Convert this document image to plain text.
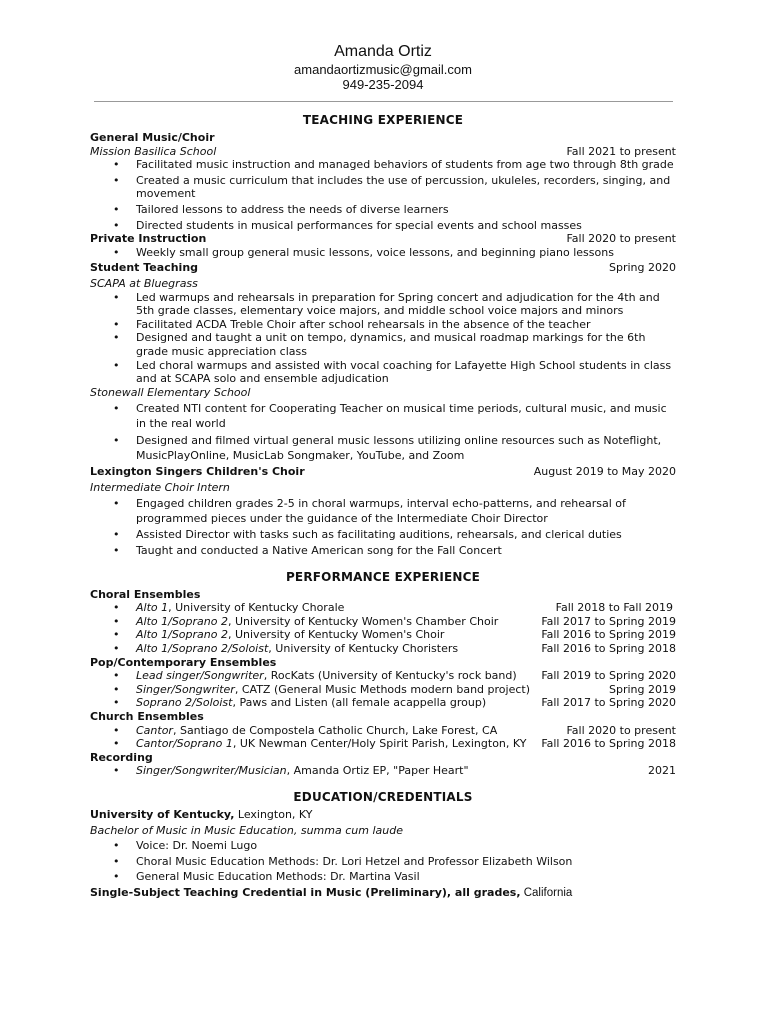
Amanda Ortiz
amandaortizmusic@gmail.com
949-235-2094
TEACHING EXPERIENCE
General Music/Choir
Mission Basilica School	Fall 2021 to present
• Facilitated music instruction and managed behaviors of students from age two through 8th grade
• Created a music curriculum that includes the use of percussion, ukuleles, recorders, singing, and movement
• Tailored lessons to address the needs of diverse learners
• Directed students in musical performances for special events and school masses
Private Instruction	Fall 2020 to present
• Weekly small group general music lessons, voice lessons, and beginning piano lessons
Student Teaching	Spring 2020
SCAPA at Bluegrass
• Led warmups and rehearsals in preparation for Spring concert and adjudication for the 4th and 5th grade classes, elementary voice majors, and middle school voice majors and minors
• Facilitated ACDA Treble Choir after school rehearsals in the absence of the teacher
• Designed and taught a unit on tempo, dynamics, and musical roadmap markings for the 6th grade music appreciation class
• Led choral warmups and assisted with vocal coaching for Lafayette High School students in class and at SCAPA solo and ensemble adjudication
Stonewall Elementary School
• Created NTI content for Cooperating Teacher on musical time periods, cultural music, and music in the real world
• Designed and filmed virtual general music lessons utilizing online resources such as Noteflight, MusicPlayOnline, MusicLab Songmaker, YouTube, and Zoom
Lexington Singers Children's Choir	August 2019 to May 2020
Intermediate Choir Intern
• Engaged children grades 2-5 in choral warmups, interval echo-patterns, and rehearsal of programmed pieces under the guidance of the Intermediate Choir Director
• Assisted Director with tasks such as facilitating auditions, rehearsals, and clerical duties
• Taught and conducted a Native American song for the Fall Concert
PERFORMANCE EXPERIENCE
Choral Ensembles
• Alto 1, University of Kentucky Chorale	Fall 2018 to Fall 2019
• Alto 1/Soprano 2, University of Kentucky Women's Chamber Choir	Fall 2017 to Spring 2019
• Alto 1/Soprano 2, University of Kentucky Women's Choir	Fall 2016 to Spring 2019
• Alto 1/Soprano 2/Soloist, University of Kentucky Choristers	Fall 2016 to Spring 2018
Pop/Contemporary Ensembles
• Lead singer/Songwriter, RocKats (University of Kentucky's rock band) Fall 2019 to Spring 2020
• Singer/Songwriter, CATZ (General Music Methods modern band project)	Spring 2019
• Soprano 2/Soloist, Paws and Listen (all female acappella group)	Fall 2017 to Spring 2020
Church Ensembles
• Cantor, Santiago de Compostela Catholic Church, Lake Forest, CA	Fall 2020 to present
• Cantor/Soprano 1, UK Newman Center/Holy Spirit Parish, Lexington, KY Fall 2016 to Spring 2018
Recording
• Singer/Songwriter/Musician, Amanda Ortiz EP, "Paper Heart"	2021
EDUCATION/CREDENTIALS
University of Kentucky, Lexington, KY
Bachelor of Music in Music Education, summa cum laude
• Voice: Dr. Noemi Lugo
• Choral Music Education Methods: Dr. Lori Hetzel and Professor Elizabeth Wilson
• General Music Education Methods: Dr. Martina Vasil
Single-Subject Teaching Credential in Music (Preliminary), all grades, California
